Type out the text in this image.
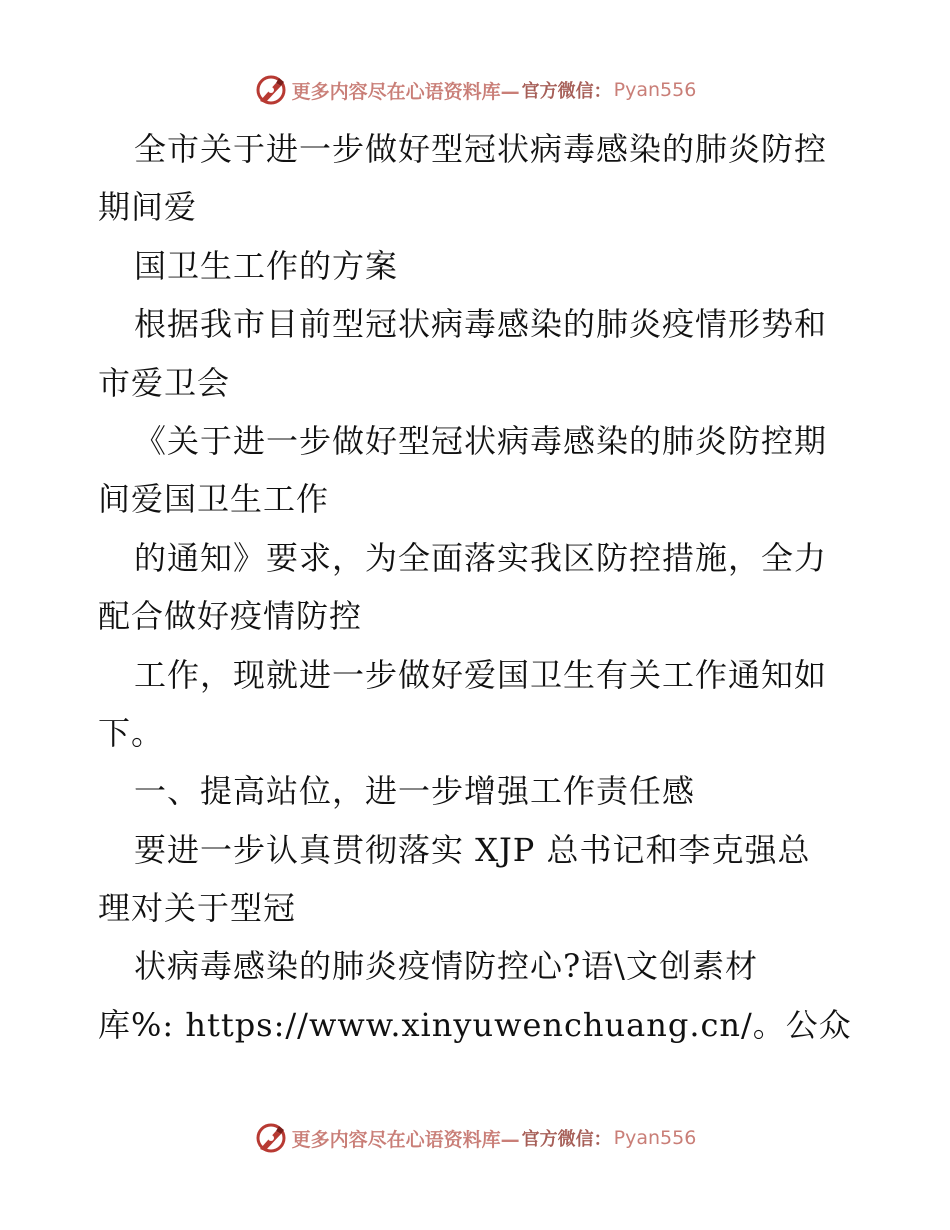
更多内容尽在心语资料库— 官方微信： Pyan556
全市关于进一步做好型冠状病毒感染的肺炎防控
期间爱
国卫生工作的方案
根据我市目前型冠状病毒感染的肺炎疫情形势和
市爱卫会
《关于进一步做好型冠状病毒感染的肺炎防控期
间爱国卫生工作
的通知》要求，为全面落实我区防控措施，全力
配合做好疫情防控
工作，现就进一步做好爱国卫生有关工作通知如
下。
一、提高站位，进一步增强工作责任感
要进一步认真贯彻落实 XJP 总书记和李克强总
理对关于型冠
状病毒感染的肺炎疫情防控心?语\文创素材
库%: https://www.xinyuwenchuang.cn/。公众
更多内容尽在心语资料库— 官方微信： Pyan556
